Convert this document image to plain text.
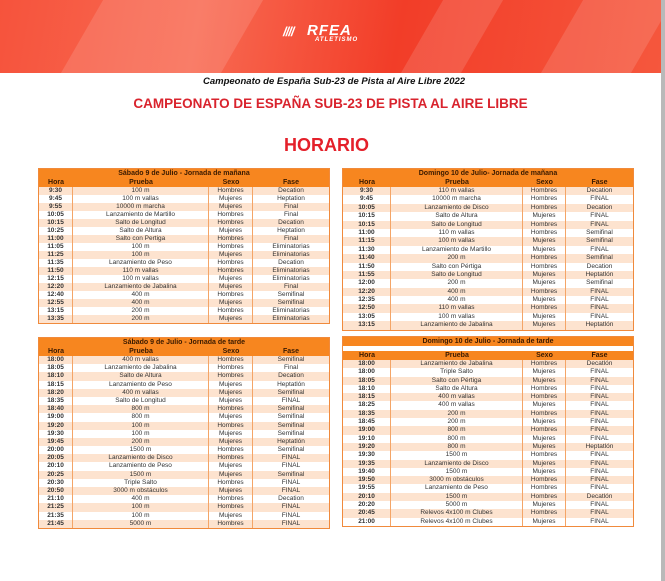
//// RFEA
ATLETISMO
Campeonato de España Sub-23 de Pista al Aire Libre 2022
CAMPEONATO DE ESPAÑA SUB-23 DE PISTA AL AIRE LIBRE
HORARIO
Sábado 9 de Julio - Jornada de mañana
Hora	Prueba	Sexo	Fase
9:30	100 m	Hombres	Decation
9:45	100 m vallas	Mujeres	Heptation
9:55	10000 m marcha	Mujeres	Final
10:05	Lanzamiento de Martillo	Hombres	Final
10:15	Salto de Longitud	Hombres	Decation
10:25	Salto de Altura	Mujeres	Heptation
11:00	Salto con Pertiga	Hombres	Final
11:05	100 m	Hombres	Eliminatorias
11:25	100 m	Mujeres	Eliminatorias
11:35	Lanzamiento de Peso	Hombres	Decation
11:50	110 m vallas	Hombres	Eliminatorias
12:15	100 m vallas	Mujeres	Eliminatorias
12:20	Lanzamiento de Jabalina	Mujeres	Final
12:40	400 m	Hombres	Semifinal
12:55	400 m	Mujeres	Semifinal
13:15	200 m	Hombres	Eliminatorias
13:35	200 m	Mujeres	Eliminatorias
Domingo 10 de Julio- Jornada de mañana
Hora	Prueba	Sexo	Fase
9:30	110 m vallas	Hombres	Decation
9:45	10000 m marcha	Hombres	FINAL
10:05	Lanzamiento de Disco	Hombres	Decation
10:15	Salto de Altura	Mujeres	FINAL
10:15	Salto de Longitud	Hombres	FINAL
11:00	110 m vallas	Hombres	Semifinal
11:15	100 m vallas	Mujeres	Semifinal
11:30	Lanzamiento de Martillo	Mujeres	FINAL
11:40	200 m	Hombres	Semifinal
11:50	Salto con Pértiga	Hombres	Decation
11:55	Salto de Longitud	Mujeres	Heptatlón
12:00	200 m	Mujeres	Semifinal
12:20	400 m	Hombres	FINAL
12:35	400 m	Mujeres	FINAL
12:50	110 m vallas	Hombres	FINAL
13:05	100 m vallas	Mujeres	FINAL
13:15	Lanzamiento de Jabalina	Mujeres	Heptatlón
Sábado 9 de Julio - Jornada de tarde
Hora	Prueba	Sexo	Fase
18:00	400 m vallas	Hombres	Semifinal
18:05	Lanzamiento de Jabalina	Hombres	Final
18:10	Salto de Altura	Hombres	Decation
18:15	Lanzamiento de Peso	Mujeres	Heptatlón
18:20	400 m vallas	Mujeres	Semifinal
18:35	Salto de Longitud	Mujeres	FINAL
18:40	800 m	Hombres	Semifinal
19:00	800 m	Mujeres	Semifinal
19:20	100 m	Hombres	Semifinal
19:30	100 m	Mujeres	Semifinal
19:45	200 m	Mujeres	Heptatlón
20:00	1500 m	Hombres	Semifinal
20:05	Lanzamiento de Disco	Hombres	FINAL
20:10	Lanzamiento de Peso	Mujeres	FINAL
20:25	1500 m	Mujeres	Semifinal
20:30	Triple Salto	Hombres	FINAL
20:50	3000 m obstáculos	Mujeres	FINAL
21:10	400 m	Hombres	Decation
21:25	100 m	Hombres	FINAL
21:35	100 m	Mujeres	FINAL
21:45	5000 m	Hombres	FINAL
Domingo 10 de Julio - Jornada de tarde
Hora	Prueba	Sexo	Fase
18:00	Lanzamiento de Jabalina	Hombres	Decatlón
18:00	Triple Salto	Mujeres	FINAL
18:05	Salto con Pértiga	Mujeres	FINAL
18:10	Salto de Altura	Hombres	FINAL
18:15	400 m vallas	Hombres	FINAL
18:25	400 m vallas	Mujeres	FINAL
18:35	200 m	Hombres	FINAL
18:45	200 m	Mujeres	FINAL
19:00	800 m	Hombres	FINAL
19:10	800 m	Mujeres	FINAL
19:20	800 m	Mujeres	Heptatlón
19:30	1500 m	Hombres	FINAL
19:35	Lanzamiento de Disco	Mujeres	FINAL
19:40	1500 m	Mujeres	FINAL
19:50	3000 m obstáculos	Hombres	FINAL
19:55	Lanzamiento de Peso	Hombres	FINAL
20:10	1500 m	Hombres	Decatlón
20:20	5000 m	Mujeres	FINAL
20:45	Relevos 4x100 m Clubes	Hombres	FINAL
21:00	Relevos 4x100 m Clubes	Mujeres	FINAL
